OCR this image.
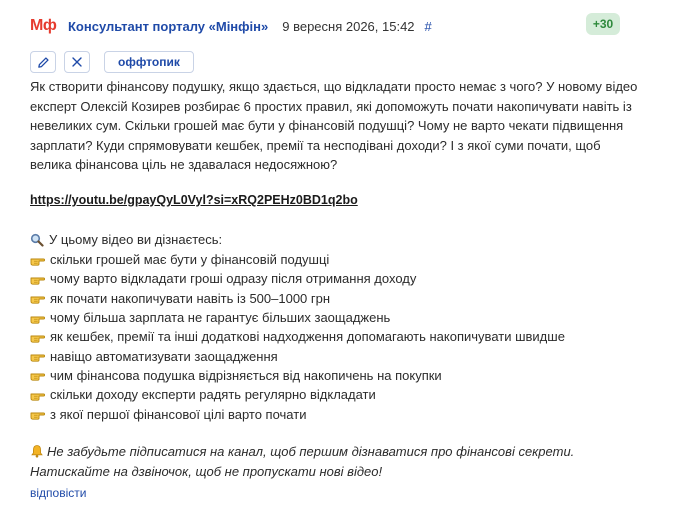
Мф Консультант порталу «Мінфін» 9 вересня 2026, 15:42 #	+30
оффтопик
Як створити фінансову подушку, якщо здається, що відкладати просто немає з чого? У новому відео експерт Олексій Козирев розбирає 6 простих правил, які допоможуть почати накопичувати навіть із невеликих сум. Скільки грошей має бути у фінансовій подушці? Чому не варто чекати підвищення зарплати? Куди спрямовувати кешбек, премії та несподівані доходи? І з якої суми почати, щоб велика фінансова ціль не здавалася недосяжною?
https://youtu.be/gpayQyL0Vyl?si=xRQ2PEHz0BD1q2bo
У цьому відео ви дізнаєтесь:
скільки грошей має бути у фінансовій подушці
чому варто відкладати гроші одразу після отримання доходу
як почати накопичувати навіть із 500–1000 грн
чому більша зарплата не гарантує більших заощаджень
як кешбек, премії та інші додаткові надходження допомагають накопичувати швидше
навіщо автоматизувати заощадження
чим фінансова подушка відрізняється від накопичень на покупки
скільки доходу експерти радять регулярно відкладати
з якої першої фінансової цілі варто почати
Не забудьте підписатися на канал, щоб першим дізнаватися про фінансові секрети. Натискайте на дзвіночок, щоб не пропускати нові відео!
відповісти
